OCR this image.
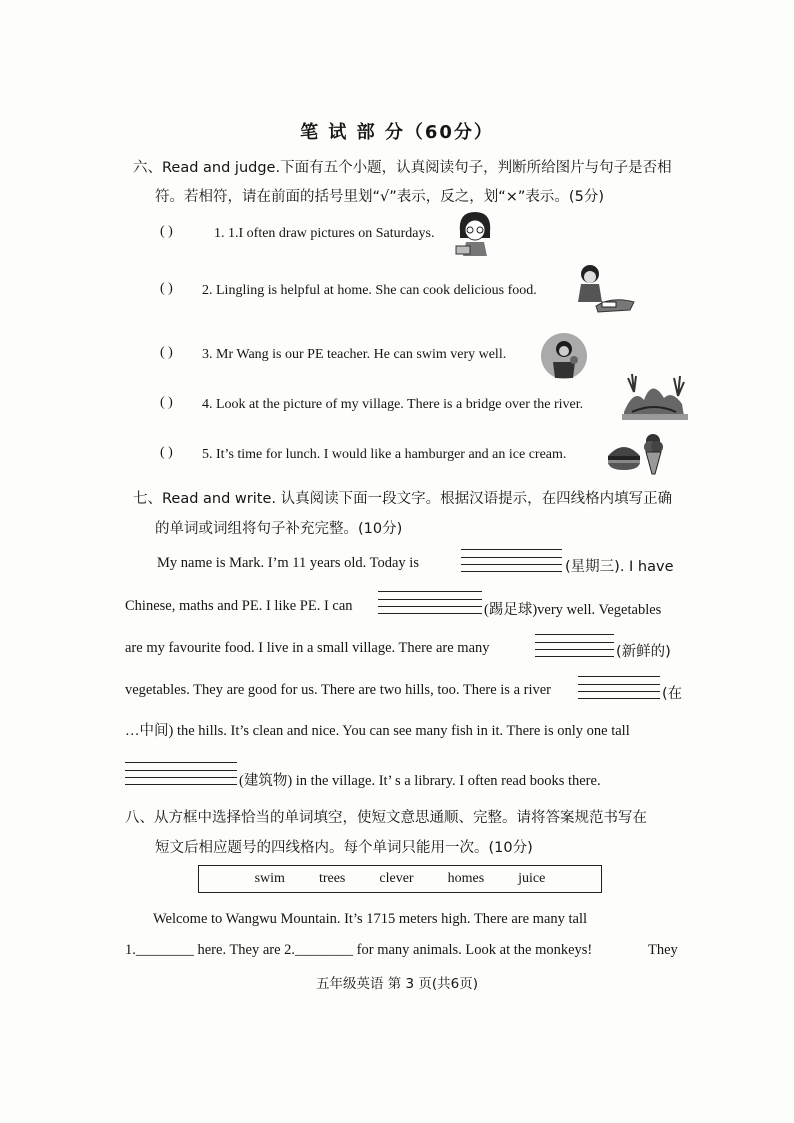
笔 试 部 分（60分）
六、Read and judge.下面有五个小题，认真阅读句子，判断所给图片与句子是否相
符。若相符，请在前面的括号里划“√”表示，反之，划“×”表示。(5分)
( )	1. 1.I often draw pictures on Saturdays.
( ) 2. Lingling is helpful at home. She can cook delicious food.
( ) 3. Mr Wang is our PE teacher. He can swim very well.
( ) 4. Look at the picture of my village. There is a bridge over the river.
( ) 5. It’s time for lunch. I would like a hamburger and an ice cream.
七、Read and write. 认真阅读下面一段文字。根据汉语提示，在四线格内填写正确
的单词或词组将句子补充完整。(10分)
My name is Mark. I’m 11 years old. Today is	(星期三). I have
Chinese, maths and PE. I like PE. I can	(踢足球)very well. Vegetables
are my favourite food. I live in a small village. There are many	(新鲜的)
vegetables. They are good for us. There are two hills, too. There is a river	(在
…中间) the hills. It’s clean and nice. You can see many fish in it. There is only one tall
(建筑物) in the village. It’ s a library. I often read books there.
八、从方框中选择恰当的单词填空，使短文意思通顺、完整。请将答案规范书写在
短文后相应题号的四线格内。每个单词只能用一次。(10分)
swim trees clever homes juice
Welcome to Wangwu Mountain. It’s 1715 meters high. There are many tall
1.________ here. They are 2.________ for many animals. Look at the monkeys!	They
五年级英语 第 3 页(共6页)
